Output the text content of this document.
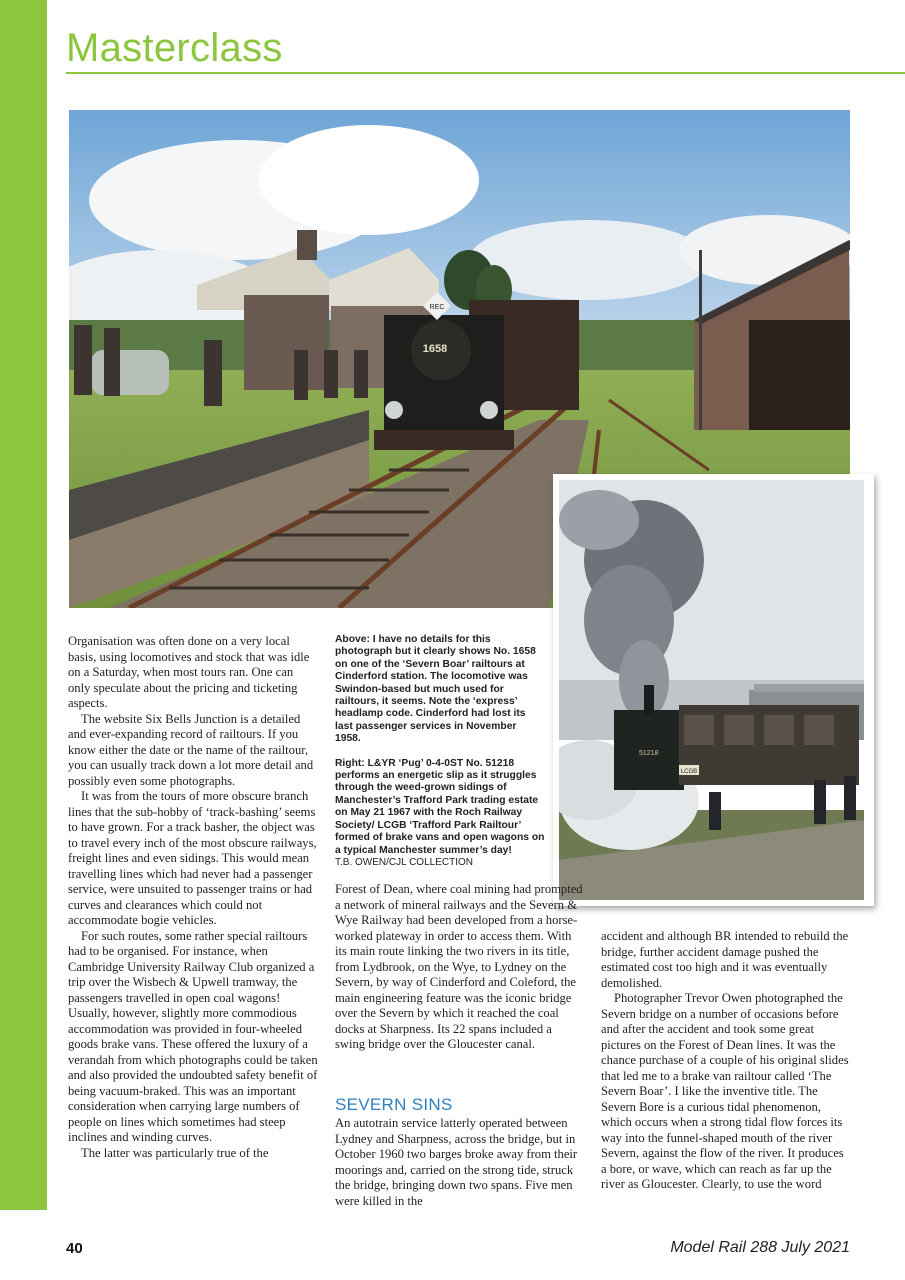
Masterclass
REC
1658
LCGB
51218

Organisation was often done on a very local basis, using locomotives and stock that was idle on a Saturday, when most tours ran. One can only speculate about the pricing and ticketing aspects.

The website Six Bells Junction is a detailed and ever-expanding record of railtours. If you know either the date or the name of the railtour, you can usually track down a lot more detail and possibly even some photographs.

It was from the tours of more obscure branch lines that the sub-hobby of ‘track-bashing’ seems to have grown. For a track basher, the object was to travel every inch of the most obscure railways, freight lines and even sidings. This would mean travelling lines which had never had a passenger service, were unsuited to passenger trains or had curves and clearances which could not accommodate bogie vehicles.

For such routes, some rather special railtours had to be organised. For instance, when Cambridge University Railway Club organized a trip over the Wisbech & Upwell tramway, the passengers travelled in open coal wagons! Usually, however, slightly more commodious accommodation was provided in four-wheeled goods brake vans. These offered the luxury of a verandah from which photographs could be taken and also provided the undoubted safety benefit of being vacuum-braked. This was an important consideration when carrying large numbers of people on lines which sometimes had steep inclines and winding curves.

The latter was particularly true of the

Above: I have no details for this photograph but it clearly shows No. 1658 on one of the ‘Severn Boar’ railtours at Cinderford station. The locomotive was Swindon-based but much used for railtours, it seems. Note the ‘express’ headlamp code. Cinderford had lost its last passenger services in November 1958.

Right: L&YR ‘Pug’ 0-4-0ST No. 51218 performs an energetic slip as it struggles through the weed-grown sidings of Manchester’s Trafford Park trading estate on May 21 1967 with the Roch Railway Society/ LCGB ‘Trafford Park Railtour’ formed of brake vans and open wagons on a typical Manchester summer’s day!

T.B. OWEN/CJL COLLECTION

Forest of Dean, where coal mining had prompted a network of mineral railways and the Severn & Wye Railway had been developed from a horse-worked plateway in order to access them. With its main route linking the two rivers in its title, from Lydbrook, on the Wye, to Lydney on the Severn, by way of Cinderford and Coleford, the main engineering feature was the iconic bridge over the Severn by which it reached the coal docks at Sharpness. Its 22 spans included a swing bridge over the Gloucester canal.

SEVERN SINS

An autotrain service latterly operated between Lydney and Sharpness, across the bridge, but in October 1960 two barges broke away from their moorings and, carried on the strong tide, struck the bridge, bringing down two spans. Five men were killed in the

accident and although BR intended to rebuild the bridge, further accident damage pushed the estimated cost too high and it was eventually demolished.

Photographer Trevor Owen photographed the Severn bridge on a number of occasions before and after the accident and took some great pictures on the Forest of Dean lines. It was the chance purchase of a couple of his original slides that led me to a brake van railtour called ‘The Severn Boar’. I like the inventive title. The Severn Bore is a curious tidal phenomenon, which occurs when a strong tidal flow forces its way into the funnel-shaped mouth of the river Severn, against the flow of the river. It produces a bore, or wave, which can reach as far up the river as Gloucester. Clearly, to use the word

40	Model Rail 288 July 2021
